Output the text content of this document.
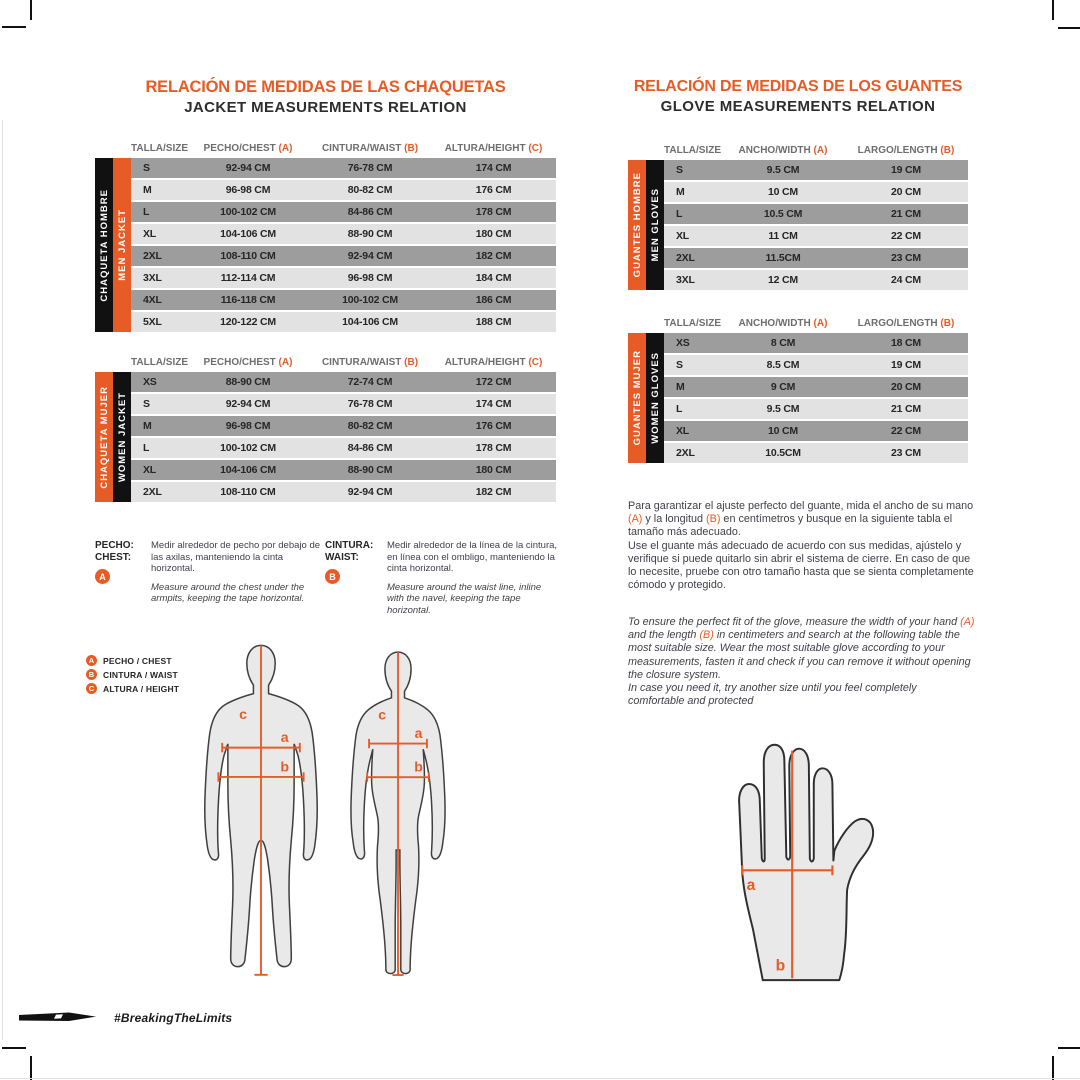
RELACIÓN DE MEDIDAS DE LAS CHAQUETAS
JACKET MEASUREMENTS RELATION
TALLA/SIZE	PECHO/CHEST (A)	CINTURA/WAIST (B)	ALTURA/HEIGHT (C)
CHAQUETA HOMBRE MEN JACKET
S	92-94 CM	76-78 CM	174 CM
M	96-98 CM	80-82 CM	176 CM
L	100-102 CM	84-86 CM	178 CM
XL	104-106 CM	88-90 CM	180 CM
2XL	108-110 CM	92-94 CM	182 CM
3XL	112-114 CM	96-98 CM	184 CM
4XL	116-118 CM	100-102 CM	186 CM
5XL	120-122 CM	104-106 CM	188 CM
TALLA/SIZE	PECHO/CHEST (A)	CINTURA/WAIST (B)	ALTURA/HEIGHT (C)
CHAQUETA MUJER WOMEN JACKET
XS	88-90 CM	72-74 CM	172 CM
S	92-94 CM	76-78 CM	174 CM
M	96-98 CM	80-82 CM	176 CM
L	100-102 CM	84-86 CM	178 CM
XL	104-106 CM	88-90 CM	180 CM
2XL	108-110 CM	92-94 CM	182 CM
PECHO:
CHEST:
A
Medir alrededor de pecho por debajo de las axilas, manteniendo la cinta horizontal.
Measure around the chest under the armpits, keeping the tape horizontal.
CINTURA:
WAIST:
B
Medir alrededor de la línea de la cintura, en línea con el ombligo, manteniendo la cinta horizontal.
Measure around the waist line, inline with the navel, keeping the tape horizontal.
A	PECHO / CHEST
B	CINTURA / WAIST
C	ALTURA / HEIGHT
c
a
b
c
a
b
RELACIÓN DE MEDIDAS DE LOS GUANTES
GLOVE MEASUREMENTS RELATION
TALLA/SIZE	ANCHO/WIDTH (A)	LARGO/LENGTH (B)
GUANTES HOMBRE MEN GLOVES
S	9.5 CM	19 CM
M	10 CM	20 CM
L	10.5 CM	21 CM
XL	11 CM	22 CM
2XL	11.5CM	23 CM
3XL	12 CM	24 CM
TALLA/SIZE	ANCHO/WIDTH (A)	LARGO/LENGTH (B)
GUANTES MUJER WOMEN GLOVES
XS	8 CM	18 CM
S	8.5 CM	19 CM
M	9 CM	20 CM
L	9.5 CM	21 CM
XL	10 CM	22 CM
2XL	10.5CM	23 CM
Para garantizar el ajuste perfecto del guante, mida el ancho de su mano (A) y la longitud (B) en centímetros y busque en la siguiente tabla el tamaño más adecuado.
Use el guante más adecuado de acuerdo con sus medidas, ajústelo y verifique si puede quitarlo sin abrir el sistema de cierre. En caso de que lo necesite, pruebe con otro tamaño hasta que se sienta completamente cómodo y protegido.
To ensure the perfect fit of the glove, measure the width of your hand (A) and the length (B) in centimeters and search at the following table the most suitable size. Wear the most suitable glove according to your measurements, fasten it and check if you can remove it without opening the closure system.
In case you need it, try another size until you feel completely comfortable and protected
a
b
#BreakingTheLimits
